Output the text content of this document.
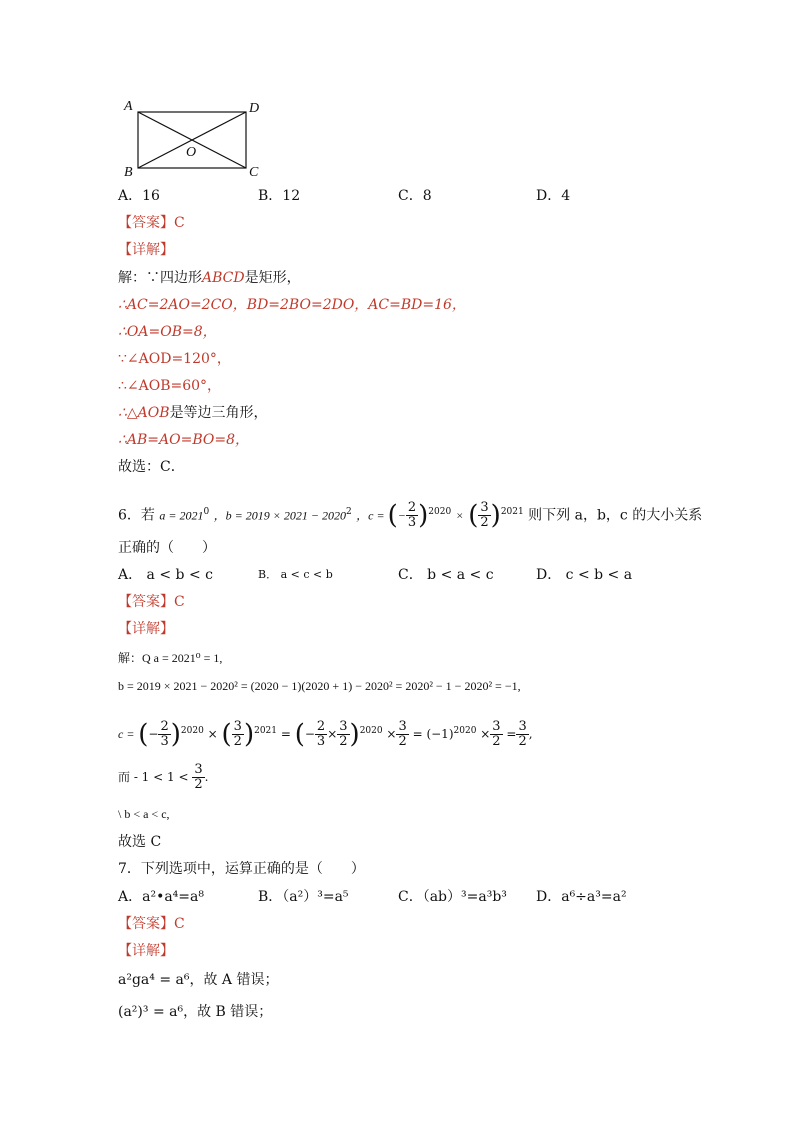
A	D
O
B	C
A．16	B．12	C．8	D．4
【答案】C
【详解】
解：∵四边形ABCD是矩形，
∴AC=2AO=2CO，BD=2BO=2DO，AC=BD=16，
∴OA=OB=8，
∵∠AOD=120°，
∴∠AOB=60°，
∴△AOB是等边三角形，
∴AB=AO=BO=8，
故选：C．
6．若 $a = 2021^0$ ，$b = 2019 \times 2021 - 2020^2$ ，c = (− $\frac{2}{3} )^{2020}$ × ( $\frac{3}{2} )^{2021}$ 则下列 a，b，c 的大小关系
正确的（　　）
A． a < b < c	B． a < c < b	C． b < a < c	D． c < b < a
【答案】C
【详解】
解：Q a = 2021⁰ = 1,
b = 2019 × 2021 − 2020² = (2020 − 1)(2020 + 1) − 2020² = 2020² − 1 − 2020² = −1,
c = (− $\frac{2}{3} )^{2020}$ × ( $\frac{3}{2} )^{2021}$ = (− $\frac{2}{3} \times \frac{3}{2} )^{2020} \times \frac{3}{2} = (-1)^{2020} \times \frac{3}{2} = \frac{3}{2}$ ,
而 - $1 < 1 < \frac{3}{2}$ .
\ b < a < c,
故选 C
7．下列选项中，运算正确的是（　　）
A．a²•a⁴=a⁸	B．（a²）³=a⁵	C．（ab）³=a³b³ D．a⁶÷a³=a²
【答案】C
【详解】
a²ga⁴ = a⁶，故 A 错误；
(a²)³ = a⁶，故 B 错误；
